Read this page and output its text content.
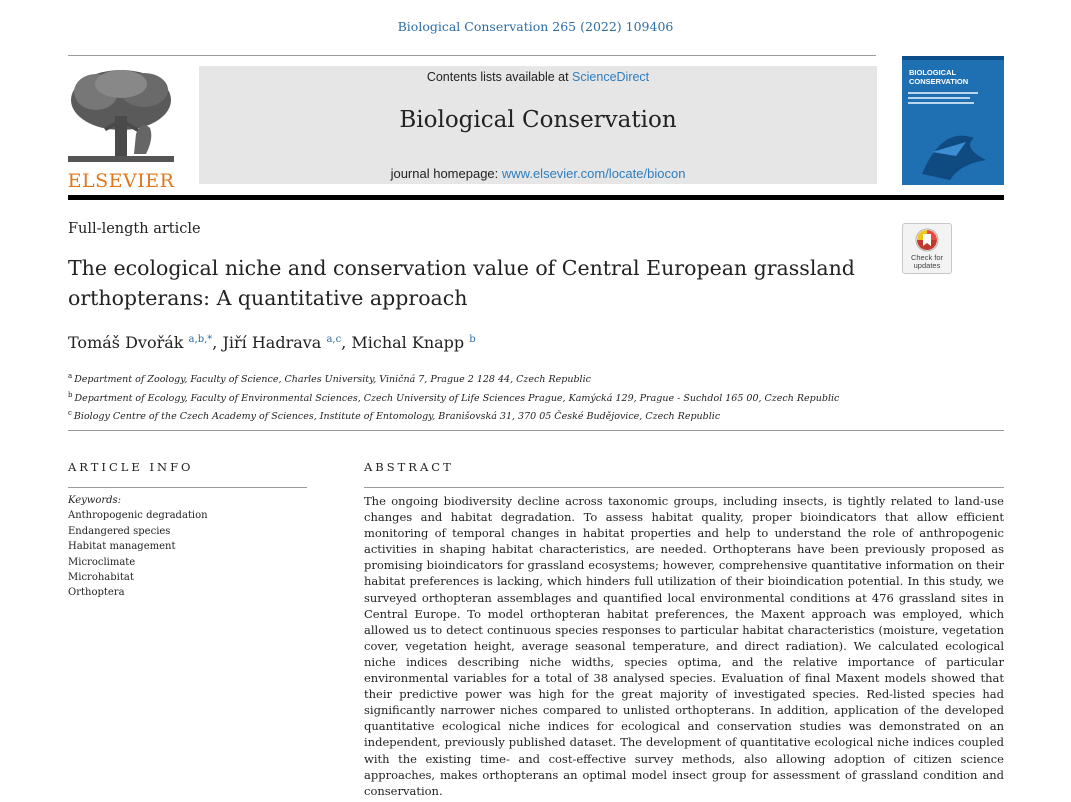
Biological Conservation 265 (2022) 109406
ELSEVIER
Contents lists available at ScienceDirect
Biological Conservation
journal homepage: www.elsevier.com/locate/biocon
BIOLOGICAL
CONSERVATION
Full-length article
The ecological niche and conservation value of Central European grassland orthopterans: A quantitative approach
Check for
updates
Tomáš Dvořák $^{a,b,*}$, Jiří Hadrava $^{a,c}$, Michal Knapp $^b$
$^a$ Department of Zoology, Faculty of Science, Charles University, Viničná 7, Prague 2 128 44, Czech Republic
$^b$ Department of Ecology, Faculty of Environmental Sciences, Czech University of Life Sciences Prague, Kamýcká 129, Prague - Suchdol 165 00, Czech Republic
$^c$ Biology Centre of the Czech Academy of Sciences, Institute of Entomology, Branišovská 31, 370 05 České Budějovice, Czech Republic
ARTICLE INFO	ABSTRACT
Keywords:
Anthropogenic degradation
Endangered species
Habitat management
Microclimate
Microhabitat
Orthoptera
The ongoing biodiversity decline across taxonomic groups, including insects, is tightly related to land-use changes and habitat degradation. To assess habitat quality, proper bioindicators that allow efficient monitoring of temporal changes in habitat properties and help to understand the role of anthropogenic activities in shaping habitat characteristics, are needed. Orthopterans have been previously proposed as promising bioindicators for grassland ecosystems; however, comprehensive quantitative information on their habitat preferences is lacking, which hinders full utilization of their bioindication potential. In this study, we surveyed orthopteran assemblages and quantified local environmental conditions at 476 grassland sites in Central Europe. To model orthopteran habitat preferences, the Maxent approach was employed, which allowed us to detect continuous species responses to particular habitat characteristics (moisture, vegetation cover, vegetation height, average seasonal temperature, and direct radiation). We calculated ecological niche indices describing niche widths, species optima, and the relative importance of particular environmental variables for a total of 38 analysed species. Evaluation of final Maxent models showed that their predictive power was high for the great majority of investigated species. Red-listed species had significantly narrower niches compared to unlisted orthopterans. In addition, application of the developed quantitative ecological niche indices for ecological and conservation studies was demonstrated on an independent, previously published dataset. The development of quantitative ecological niche indices coupled with the existing time- and cost-effective survey methods, also allowing adoption of citizen science approaches, makes orthopterans an optimal model insect group for assessment of grassland condition and conservation.
